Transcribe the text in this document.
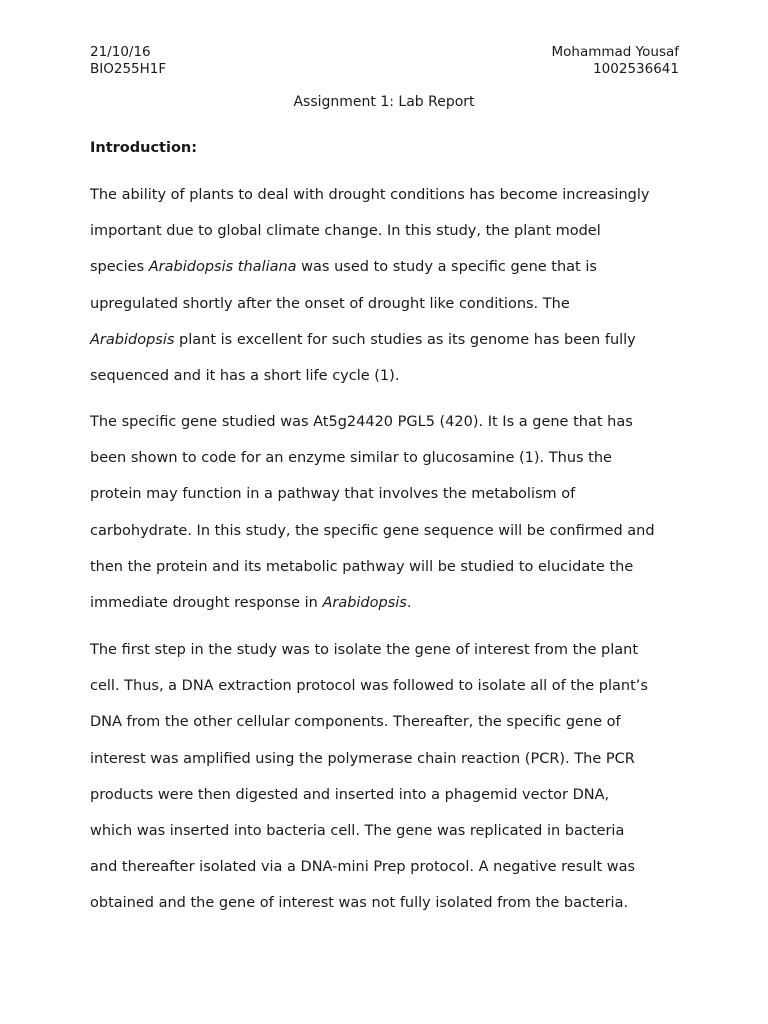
21/10/16
BIO255H1F
Mohammad Yousaf
1002536641
Assignment 1: Lab Report
Introduction:
The ability of plants to deal with drought conditions has become increasingly
important due to global climate change. In this study, the plant model
species Arabidopsis thaliana was used to study a specific gene that is
upregulated shortly after the onset of drought like conditions. The
Arabidopsis plant is excellent for such studies as its genome has been fully
sequenced and it has a short life cycle (1).
The specific gene studied was At5g24420 PGL5 (420). It Is a gene that has
been shown to code for an enzyme similar to glucosamine (1). Thus the
protein may function in a pathway that involves the metabolism of
carbohydrate. In this study, the specific gene sequence will be confirmed and
then the protein and its metabolic pathway will be studied to elucidate the
immediate drought response in Arabidopsis.
The first step in the study was to isolate the gene of interest from the plant
cell. Thus, a DNA extraction protocol was followed to isolate all of the plant’s
DNA from the other cellular components. Thereafter, the specific gene of
interest was amplified using the polymerase chain reaction (PCR). The PCR
products were then digested and inserted into a phagemid vector DNA,
which was inserted into bacteria cell. The gene was replicated in bacteria
and thereafter isolated via a DNA-mini Prep protocol. A negative result was
obtained and the gene of interest was not fully isolated from the bacteria.
